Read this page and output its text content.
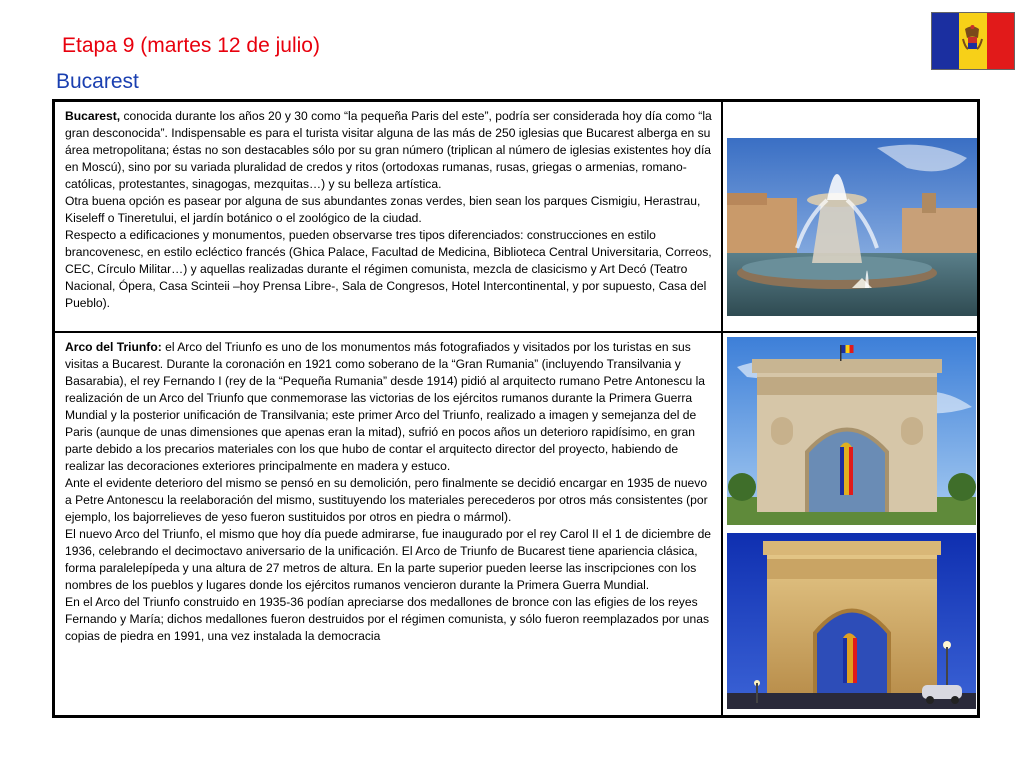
Etapa 9 (martes 12 de julio)
Bucarest

Bucarest, conocida durante los años 20 y 30 como “la pequeña Paris del este”, podría ser considerada hoy día como “la gran desconocida”. Indispensable es para el turista visitar alguna de las más de 250 iglesias que Bucarest alberga en su área metropolitana; éstas no son destacables sólo por su gran número (triplican al número de iglesias existentes hoy día en Moscú), sino por su variada pluralidad de credos y ritos (ortodoxas rumanas, rusas, griegas o armenias, romano-católicas, protestantes, sinagogas, mezquitas…) y su belleza artística.

Otra buena opción es pasear por alguna de sus abundantes zonas verdes, bien sean los parques Cismigiu, Herastrau, Kiseleff o Tineretului, el jardín botánico o el zoológico de la ciudad.

Respecto a edificaciones y monumentos, pueden observarse tres tipos diferenciados: construcciones en estilo brancovenesc, en estilo ecléctico francés (Ghica Palace, Facultad de Medicina, Biblioteca Central Universitaria, Correos, CEC, Círculo Militar…) y aquellas realizadas durante el régimen comunista, mezcla de clasicismo y Art Decó (Teatro Nacional, Ópera, Casa Scinteii –hoy Prensa Libre-, Sala de Congresos, Hotel Intercontinental, y por supuesto, Casa del Pueblo).

Arco del Triunfo: el Arco del Triunfo es uno de los monumentos más fotografiados y visitados por los turistas en sus visitas a Bucarest. Durante la coronación en 1921 como soberano de la “Gran Rumania” (incluyendo Transilvania y Basarabia), el rey Fernando I (rey de la “Pequeña Rumania” desde 1914) pidió al arquitecto rumano Petre Antonescu la realización de un Arco del Triunfo que conmemorase las victorias de los ejércitos rumanos durante la Primera Guerra Mundial y la posterior unificación de Transilvania; este primer Arco del Triunfo, realizado a imagen y semejanza del de Paris (aunque de unas dimensiones que apenas eran la mitad), sufrió en pocos años un deterioro rapidísimo, en gran parte debido a los precarios materiales con los que hubo de contar el arquitecto director del proyecto, habiendo de realizar las decoraciones exteriores principalmente en madera y estuco.

Ante el evidente deterioro del mismo se pensó en su demolición, pero finalmente se decidió encargar en 1935 de nuevo a Petre Antonescu la reelaboración del mismo, sustituyendo los materiales perecederos por otros más consistentes (por ejemplo, los bajorrelieves de yeso fueron sustituidos por otros en piedra o mármol).

El nuevo Arco del Triunfo, el mismo que hoy día puede admirarse, fue inaugurado por el rey Carol II el 1 de diciembre de 1936, celebrando el decimoctavo aniversario de la unificación. El Arco de Triunfo de Bucarest tiene apariencia clásica, forma paralelepípeda y una altura de 27 metros de altura. En la parte superior pueden leerse las inscripciones con los nombres de los pueblos y lugares donde los ejércitos rumanos vencieron durante la Primera Guerra Mundial.

En el Arco del Triunfo construido en 1935-36 podían apreciarse dos medallones de bronce con las efigies de los reyes Fernando y María; dichos medallones fueron destruidos por el régimen comunista, y sólo fueron reemplazados por unas copias de piedra en 1991, una vez instalada la democracia
